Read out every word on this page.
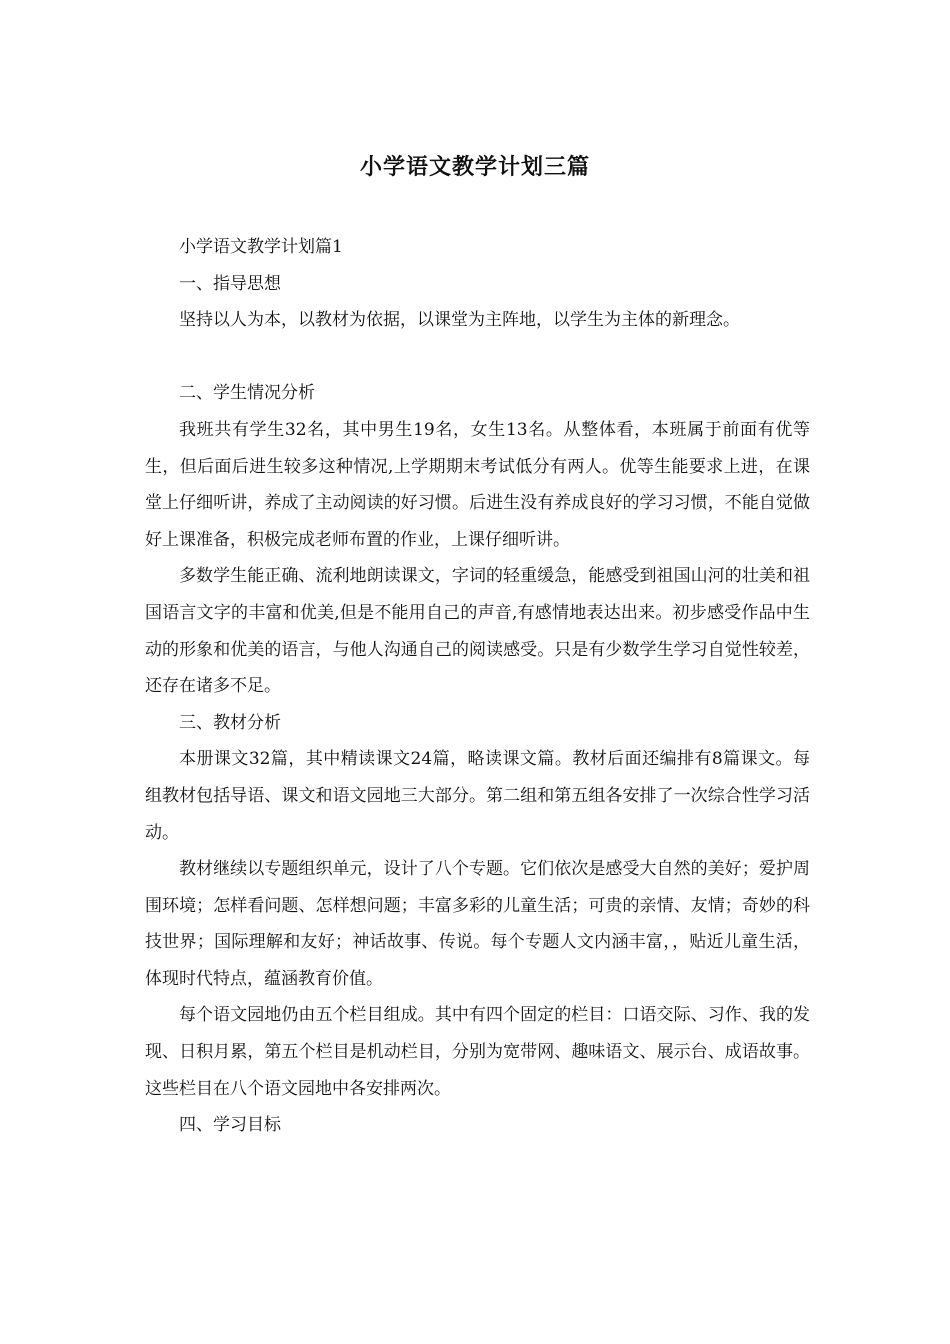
小学语文教学计划三篇

小学语文教学计划篇1

一、指导思想

坚持以人为本，以教材为依据，以课堂为主阵地，以学生为主体的新理念。

二、学生情况分析

我班共有学生32名，其中男生19名，女生13名。从整体看，本班属于前面有优等生，但后面后进生较多这种情况,上学期期末考试低分有两人。优等生能要求上进，在课堂上仔细听讲，养成了主动阅读的好习惯。后进生没有养成良好的学习习惯，不能自觉做好上课准备，积极完成老师布置的作业，上课仔细听讲。

多数学生能正确、流利地朗读课文，字词的轻重缓急，能感受到祖国山河的壮美和祖国语言文字的丰富和优美,但是不能用自己的声音,有感情地表达出来。初步感受作品中生动的形象和优美的语言，与他人沟通自己的阅读感受。只是有少数学生学习自觉性较差，还存在诸多不足。

三、教材分析

本册课文32篇，其中精读课文24篇，略读课文篇。教材后面还编排有8篇课文。每组教材包括导语、课文和语文园地三大部分。第二组和第五组各安排了一次综合性学习活动。

教材继续以专题组织单元，设计了八个专题。它们依次是感受大自然的美好；爱护周围环境；怎样看问题、怎样想问题；丰富多彩的儿童生活；可贵的亲情、友情；奇妙的科技世界；国际理解和友好；神话故事、传说。每个专题人文内涵丰富，，贴近儿童生活，体现时代特点，蕴涵教育价值。

每个语文园地仍由五个栏目组成。其中有四个固定的栏目：口语交际、习作、我的发现、日积月累，第五个栏目是机动栏目，分别为宽带网、趣味语文、展示台、成语故事。这些栏目在八个语文园地中各安排两次。

四、学习目标
